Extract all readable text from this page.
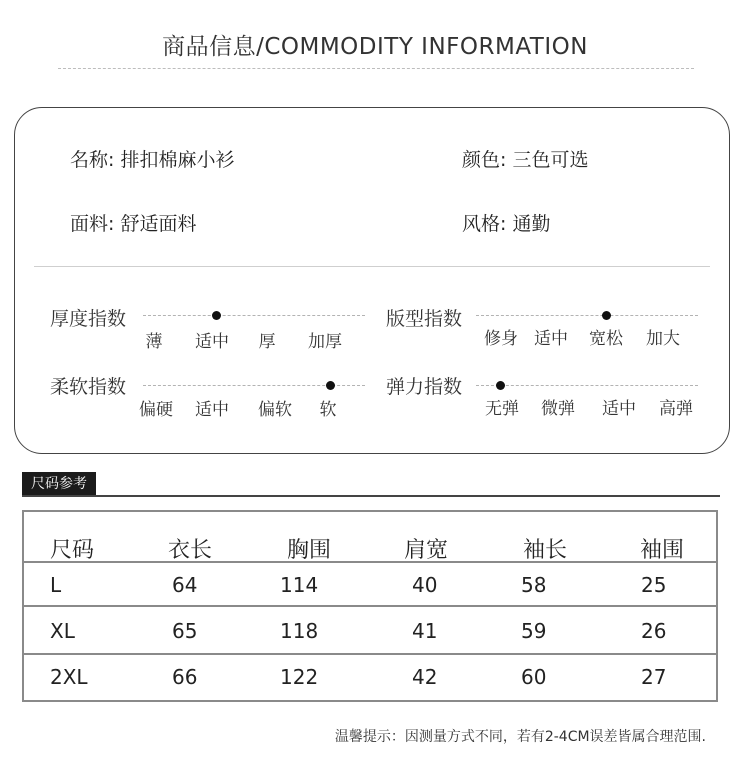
商品信息/COMMODITY INFORMATION
名称: 排扣棉麻小衫	颜色: 三色可选
面料: 舒适面料	风格: 通勤
厚度指数
薄 适中 厚 加厚
版型指数
修身 适中 宽松 加大
柔软指数
偏硬 适中 偏软 软
弹力指数
无弹 微弹 适中 高弹
尺码参考
尺码	衣长	胸围	肩宽	袖长	袖围
L	64	114	40	58	25
XL	65	118	41	59	26
2XL	66	122	42	60	27
温馨提示：因测量方式不同，若有2-4CM误差皆属合理范围.
